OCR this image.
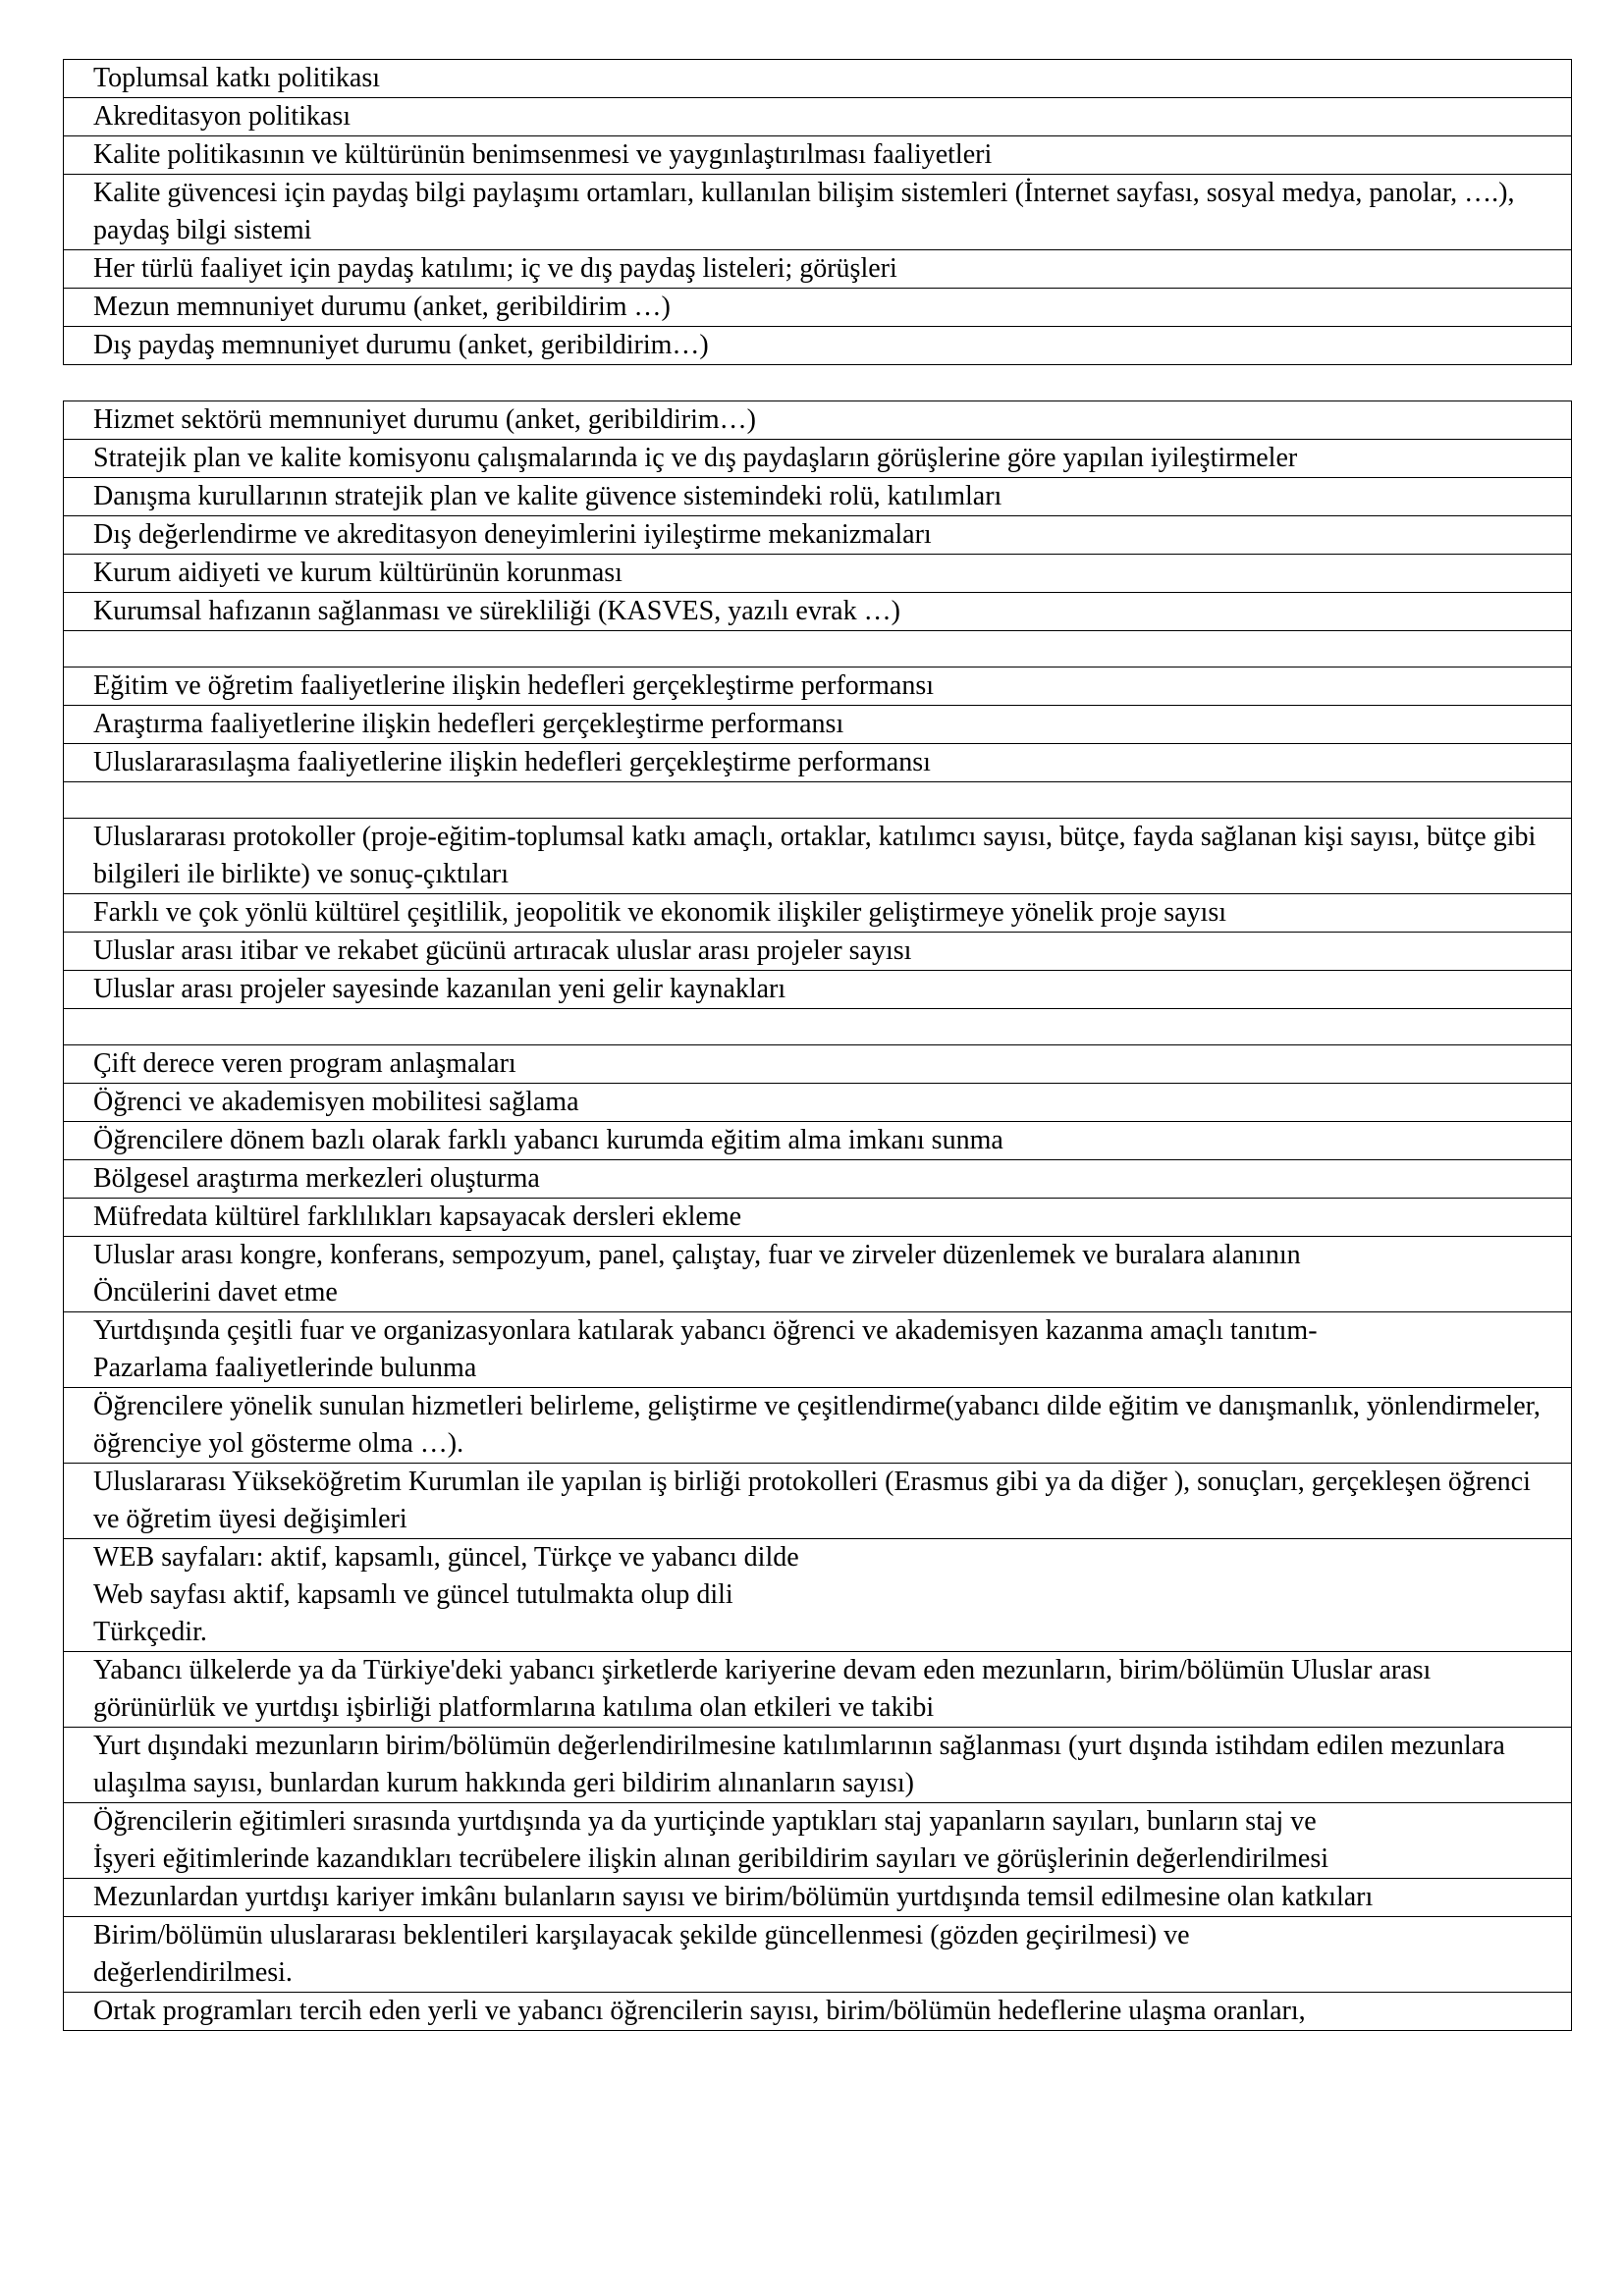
Toplumsal katkı politikası
Akreditasyon politikası
Kalite politikasının ve kültürünün benimsenmesi ve yaygınlaştırılması faaliyetleri
Kalite güvencesi için paydaş bilgi paylaşımı ortamları, kullanılan bilişim sistemleri (İnternet sayfası, sosyal medya, panolar, ….), paydaş bilgi sistemi
Her türlü faaliyet için paydaş katılımı; iç ve dış paydaş listeleri; görüşleri
Mezun memnuniyet durumu (anket, geribildirim …)
Dış paydaş memnuniyet durumu (anket, geribildirim…)
Hizmet sektörü memnuniyet durumu (anket, geribildirim…)
Stratejik plan ve kalite komisyonu çalışmalarında iç ve dış paydaşların görüşlerine göre yapılan iyileştirmeler
Danışma kurullarının stratejik plan ve kalite güvence sistemindeki rolü, katılımları
Dış değerlendirme ve akreditasyon deneyimlerini iyileştirme mekanizmaları
Kurum aidiyeti ve kurum kültürünün korunması
Kurumsal hafızanın sağlanması ve sürekliliği (KASVES, yazılı evrak …)

Eğitim ve öğretim faaliyetlerine ilişkin hedefleri gerçekleştirme performansı
Araştırma faaliyetlerine ilişkin hedefleri gerçekleştirme performansı
Uluslararasılaşma faaliyetlerine ilişkin hedefleri gerçekleştirme performansı

Uluslararası protokoller (proje-eğitim-toplumsal katkı amaçlı, ortaklar, katılımcı sayısı, bütçe, fayda sağlanan kişi sayısı, bütçe gibi bilgileri ile birlikte) ve sonuç-çıktıları
Farklı ve çok yönlü kültürel çeşitlilik, jeopolitik ve ekonomik ilişkiler geliştirmeye yönelik proje sayısı
Uluslar arası itibar ve rekabet gücünü artıracak uluslar arası projeler sayısı
Uluslar arası projeler sayesinde kazanılan yeni gelir kaynakları

Çift derece veren program anlaşmaları
Öğrenci ve akademisyen mobilitesi sağlama
Öğrencilere dönem bazlı olarak farklı yabancı kurumda eğitim alma imkanı sunma
Bölgesel araştırma merkezleri oluşturma
Müfredata kültürel farklılıkları kapsayacak dersleri ekleme
Uluslar arası kongre, konferans, sempozyum, panel, çalıştay, fuar ve zirveler düzenlemek ve buralara alanının
Öncülerini davet etme
Yurtdışında çeşitli fuar ve organizasyonlara katılarak yabancı öğrenci ve akademisyen kazanma amaçlı tanıtım-
Pazarlama faaliyetlerinde bulunma
Öğrencilere yönelik sunulan hizmetleri belirleme, geliştirme ve çeşitlendirme(yabancı dilde eğitim ve danışmanlık, yönlendirmeler, öğrenciye yol gösterme olma …).
Uluslararası Yükseköğretim Kurumlan ile yapılan iş birliği protokolleri (Erasmus gibi ya da diğer ), sonuçları, gerçekleşen öğrenci ve öğretim üyesi değişimleri
WEB sayfaları: aktif, kapsamlı, güncel, Türkçe ve yabancı dilde
Web sayfası aktif, kapsamlı ve güncel tutulmakta olup dili
Türkçedir.
Yabancı ülkelerde ya da Türkiye'deki yabancı şirketlerde kariyerine devam eden mezunların, birim/bölümün Uluslar arası görünürlük ve yurtdışı işbirliği platformlarına katılıma olan etkileri ve takibi
Yurt dışındaki mezunların birim/bölümün değerlendirilmesine katılımlarının sağlanması (yurt dışında istihdam edilen mezunlara ulaşılma sayısı, bunlardan kurum hakkında geri bildirim alınanların sayısı)
Öğrencilerin eğitimleri sırasında yurtdışında ya da yurtiçinde yaptıkları staj yapanların sayıları, bunların staj ve
İşyeri eğitimlerinde kazandıkları tecrübelere ilişkin alınan geribildirim sayıları ve görüşlerinin değerlendirilmesi
Mezunlardan yurtdışı kariyer imkânı bulanların sayısı ve birim/bölümün yurtdışında temsil edilmesine olan katkıları
Birim/bölümün uluslararası beklentileri karşılayacak şekilde güncellenmesi (gözden geçirilmesi) ve
değerlendirilmesi.
Ortak programları tercih eden yerli ve yabancı öğrencilerin sayısı, birim/bölümün hedeflerine ulaşma oranları,
